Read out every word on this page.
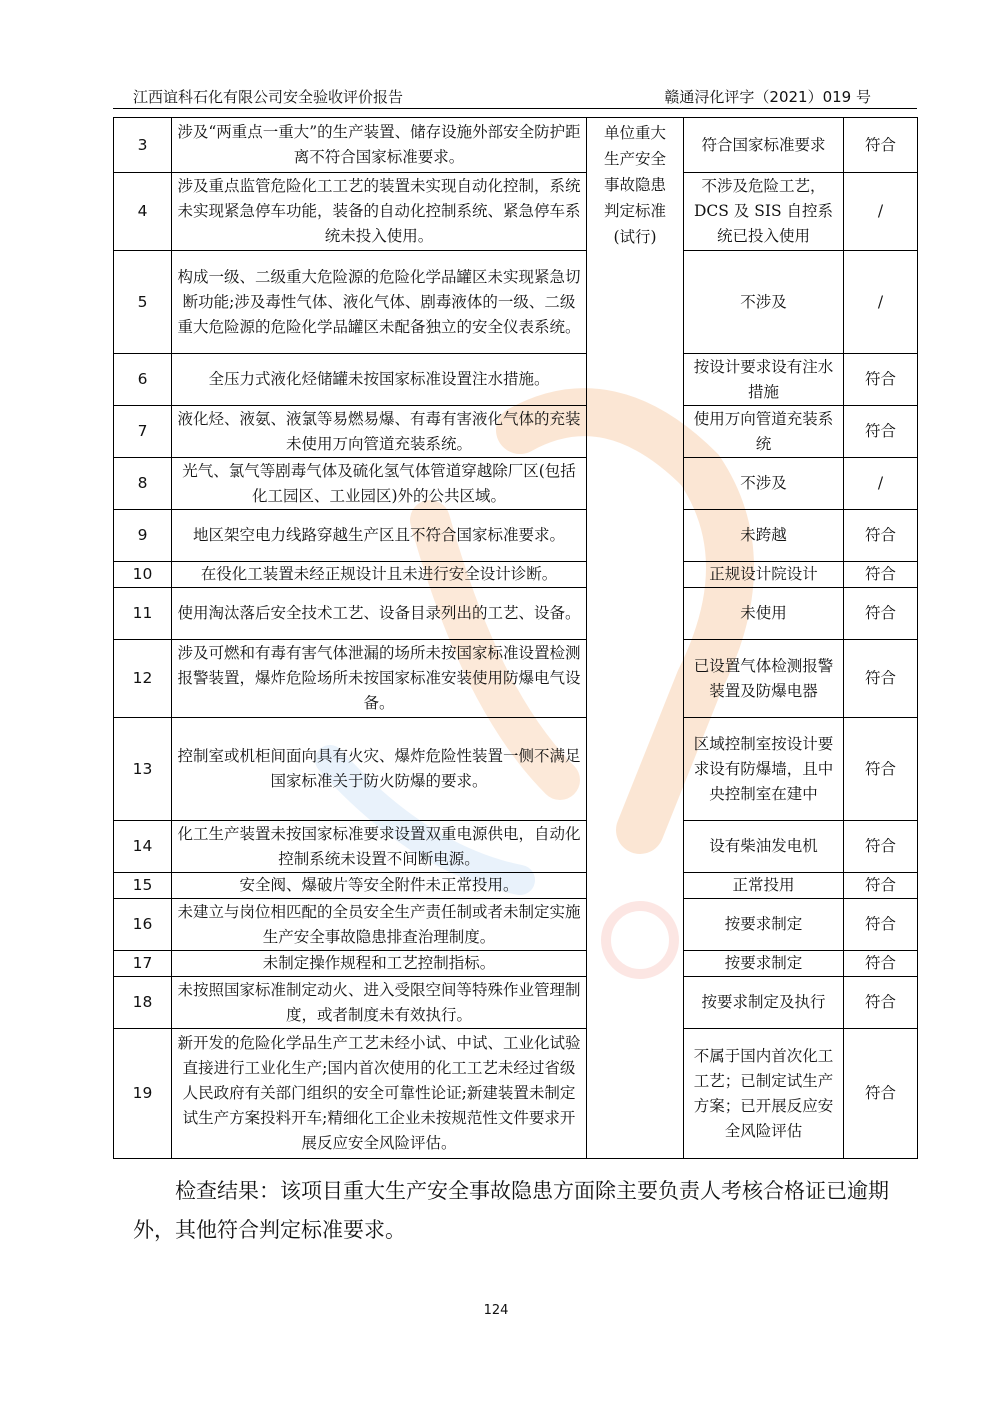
江西谊科石化有限公司安全验收评价报告	赣通浔化评字（2021）019 号
3	涉及“两重点一重大”的生产装置、储存设施外部安全防护距离不符合国家标准要求。	单位重大
生产安全
事故隐患
判定标准
(试行)	符合国家标准要求	符合
4	涉及重点监管危险化工工艺的装置未实现自动化控制，系统未实现紧急停车功能，装备的自动化控制系统、紧急停车系统未投入使用。		不涉及危险工艺，DCS 及 SIS 自控系统已投入使用	/
5	构成一级、二级重大危险源的危险化学品罐区未实现紧急切断功能;涉及毒性气体、液化气体、剧毒液体的一级、二级重大危险源的危险化学品罐区未配备独立的安全仪表系统。		不涉及	/
6	全压力式液化烃储罐未按国家标准设置注水措施。		按设计要求设有注水措施	符合
7	液化烃、液氨、液氯等易燃易爆、有毒有害液化气体的充装未使用万向管道充装系统。		使用万向管道充装系统	符合
8	光气、氯气等剧毒气体及硫化氢气体管道穿越除厂区(包括化工园区、工业园区)外的公共区域。		不涉及	/
9	地区架空电力线路穿越生产区且不符合国家标准要求。		未跨越	符合
10	在役化工装置未经正规设计且未进行安全设计诊断。		正规设计院设计	符合
11	使用淘汰落后安全技术工艺、设备目录列出的工艺、设备。		未使用	符合
12	涉及可燃和有毒有害气体泄漏的场所未按国家标准设置检测报警装置，爆炸危险场所未按国家标准安装使用防爆电气设备。		已设置气体检测报警装置及防爆电器	符合
13	控制室或机柜间面向具有火灾、爆炸危险性装置一侧不满足国家标准关于防火防爆的要求。		区域控制室按设计要求设有防爆墙，且中央控制室在建中	符合
14	化工生产装置未按国家标准要求设置双重电源供电，自动化控制系统未设置不间断电源。		设有柴油发电机	符合
15	安全阀、爆破片等安全附件未正常投用。		正常投用	符合
16	未建立与岗位相匹配的全员安全生产责任制或者未制定实施生产安全事故隐患排查治理制度。		按要求制定	符合
17	未制定操作规程和工艺控制指标。		按要求制定	符合
18	未按照国家标准制定动火、进入受限空间等特殊作业管理制度，或者制度未有效执行。		按要求制定及执行	符合
19	新开发的危险化学品生产工艺未经小试、中试、工业化试验直接进行工业化生产;国内首次使用的化工工艺未经过省级人民政府有关部门组织的安全可靠性论证;新建装置未制定试生产方案投料开车;精细化工企业未按规范性文件要求开展反应安全风险评估。		不属于国内首次化工工艺；已制定试生产方案；已开展反应安全风险评估	符合
检查结果：该项目重大生产安全事故隐患方面除主要负责人考核合格证已逾期外，其他符合判定标准要求。
124
